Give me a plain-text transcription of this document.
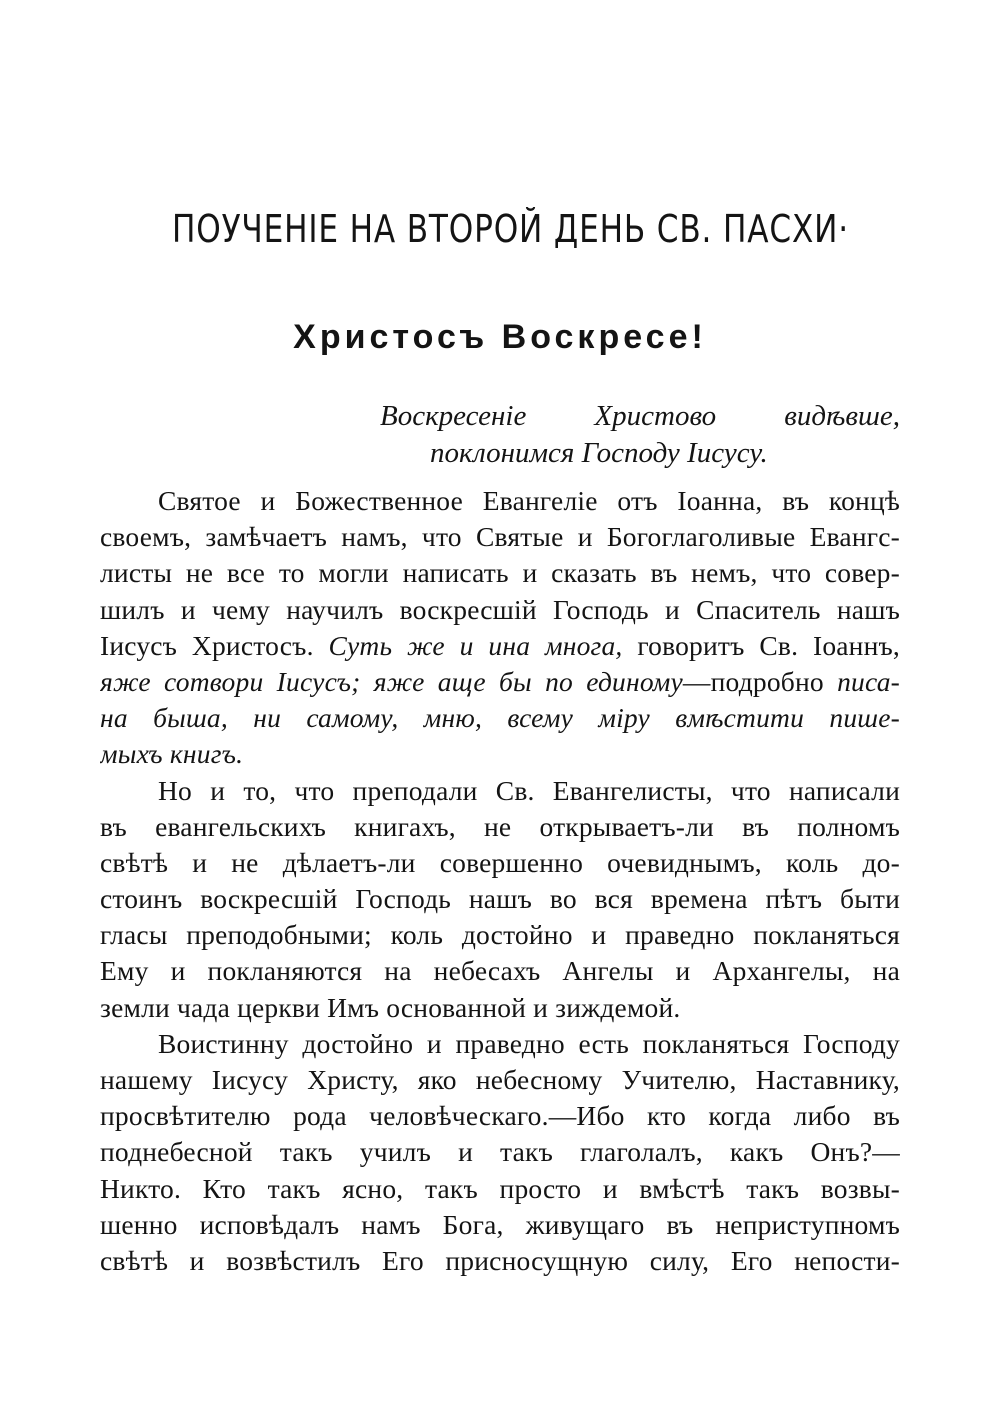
ПОУЧЕНІЕ НА ВТОРОЙ ДЕНЬ СВ. ПАСХИ·
Христосъ Воскресе!
Воскресеніе Христово видѣвше,
поклонимся Господу Іисусу.
Святое и Божественное Евангеліе отъ Іоанна, въ концѣ
своемъ, замѣчаетъ намъ, что Святые и Богоглаголивые Евангс-
листы не все то могли написать и сказать въ немъ, что совер-
шилъ и чему научилъ воскресшій Господь и Спаситель нашъ
Іисусъ Христосъ. Суть же и ина многа, говоритъ Св. Іоаннъ,
яже сотвори Іисусъ; яже аще бы по единому—подробно писа-
на быша, ни самому, мню, всему міру вмѣстити пишe-
мыхъ книгъ.
Но и то, что преподали Св. Евангелисты, что написали
въ евангельскихъ книгахъ, не открываетъ-ли въ полномъ
свѣтѣ и не дѣлаетъ-ли совершенно очевиднымъ, коль до-
стоинъ воскресшій Господь нашъ во вся времена пѣтъ быти
гласы преподобными; коль достойно и праведно покланяться
Ему и покланяются на небесахъ Ангелы и Архангелы, на
земли чада церкви Имъ основанной и зиждемой.
Воистинну достойно и праведно есть покланяться Господу
нашему Іисусу Христу, яко небесному Учителю, Наставнику,
просвѣтителю рода человѣческаго.—Ибо кто когда либо въ
поднебесной такъ училъ и такъ глаголалъ, какъ Онъ?—
Никто. Кто такъ ясно, такъ просто и вмѣстѣ такъ возвы-
шенно исповѣдалъ намъ Бога, живущаго въ неприступномъ
свѣтѣ и возвѣстилъ Его присносущную силу, Его непости-
